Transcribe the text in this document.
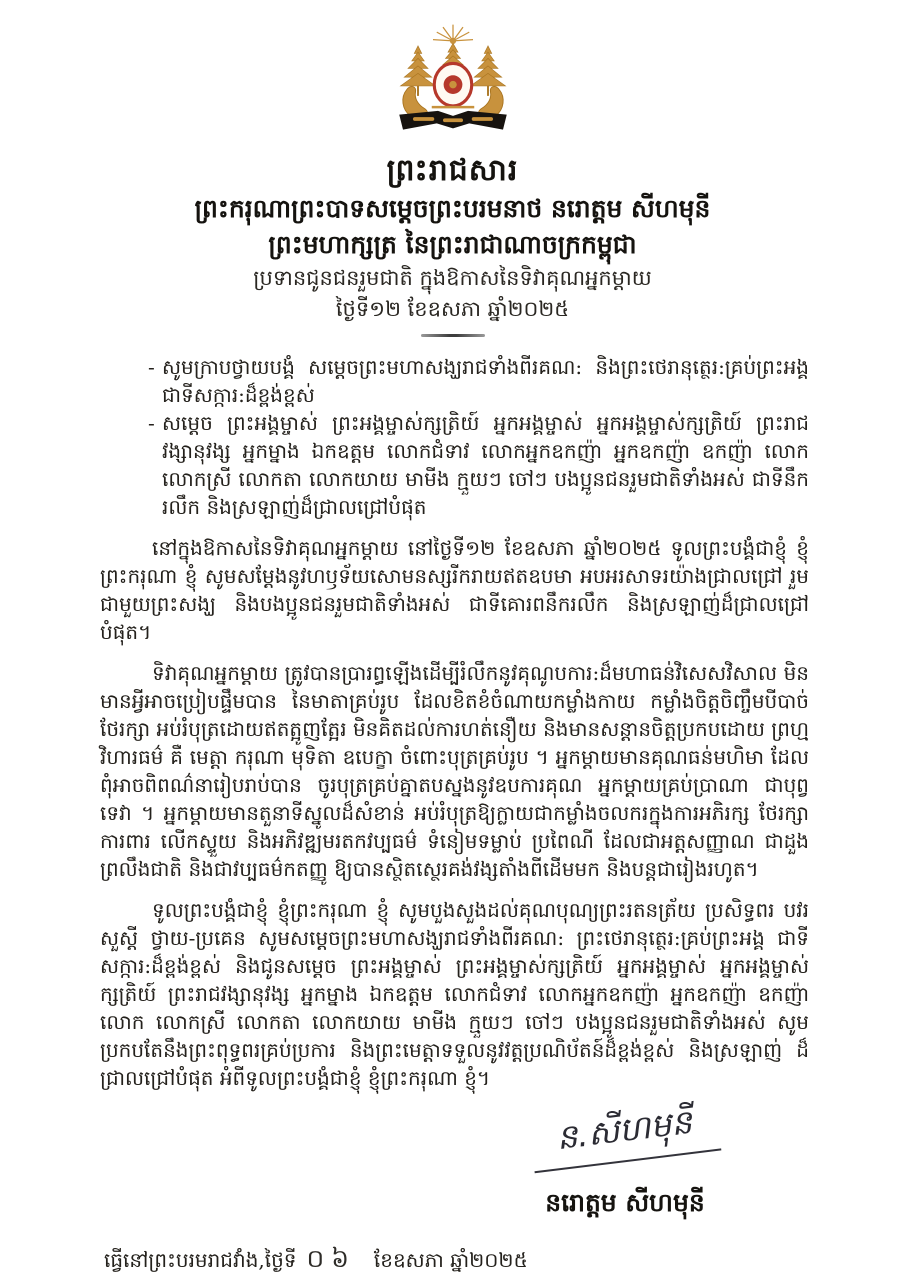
ព្រះរាជសារ
ព្រះករុណាព្រះបាទសម្ដេចព្រះបរមនាថ នរោត្តម សីហមុនី
ព្រះមហាក្សត្រ នៃព្រះរាជាណាចក្រកម្ពុជា
ប្រទានជូនជនរួមជាតិ ក្នុងឱកាសនៃទិវាគុណអ្នកម្ដាយ
ថ្ងៃទី១២ ខែឧសភា ឆ្នាំ២០២៥
- សូមក្រាបថ្វាយបង្គំ សម្ដេចព្រះមហាសង្ឃរាជទាំងពីរគណ: និងព្រះថេរានុត្ថេរ:គ្រប់ព្រះអង្គ ជាទីសក្ការ:ដ៏ខ្ពង់ខ្ពស់
- សម្ដេច ព្រះអង្គម្ចាស់ ព្រះអង្គម្ចាស់ក្សត្រិយ៍ អ្នកអង្គម្ចាស់ អ្នកអង្គម្ចាស់ក្សត្រិយ៍ ព្រះរាជវង្សានុវង្ស អ្នកម្នាង ឯកឧត្តម លោកជំទាវ លោកអ្នកឧកញ៉ា អ្នកឧកញ៉ា ឧកញ៉ា លោក លោកស្រី លោកតា លោកយាយ មាមីង ក្មួយៗ ចៅៗ បងប្អូនជនរួមជាតិទាំងអស់ ជាទីនឹករលឹក និងស្រឡាញ់ដ៏ជ្រាលជ្រៅបំផុត

នៅក្នុងឱកាសនៃទិវាគុណអ្នកម្ដាយ នៅថ្ងៃទី១២ ខែឧសភា ឆ្នាំ២០២៥ ទូលព្រះបង្គំជាខ្ញុំ ខ្ញុំព្រះករុណា ខ្ញុំ សូមសម្ដែងនូវហឫទ័យសោមនស្សរីករាយឥតឧបមា អបអរសាទរយ៉ាងជ្រាលជ្រៅ រួមជាមួយព្រះសង្ឃ និងបងប្អូនជនរួមជាតិទាំងអស់ ជាទីគោរពនឹករលឹក និងស្រឡាញ់ដ៏ជ្រាលជ្រៅបំផុត។

ទិវាគុណអ្នកម្ដាយ ត្រូវបានប្រារព្ធឡើងដើម្បីរំលឹកនូវគុណូបការ:ដ៏មហាធន់វិសេសវិសាល មិនមានអ្វីអាចប្រៀបផ្ទឹមបាន នៃមាតាគ្រប់រូប ដែលខិតខំចំណាយកម្លាំងកាយ កម្លាំងចិត្តចិញ្ចឹមបីបាច់ ថែរក្សា អប់រំបុត្រដោយឥតត្អូញត្អែរ មិនគិតដល់ការហត់នឿយ និងមានសន្ដានចិត្តប្រកបដោយ ព្រហ្មវិហារធម៌ គឺ មេត្តា ករុណា មុទិតា ឧបេក្ខា ចំពោះបុត្រគ្រប់រូប ។ អ្នកម្ដាយមានគុណធន់មហិមា ដែលពុំអាចពិពណ៌នារៀបរាប់បាន ចូរបុត្រគ្រប់គ្នាតបស្នងនូវឧបការគុណ អ្នកម្ដាយគ្រប់ប្រាណា ជាបុព្វទេវា ។ អ្នកម្ដាយមានតួនាទីស្នូលដ៏សំខាន់ អប់រំបុត្រឱ្យក្លាយជាកម្លាំងចលករក្នុងការអភិរក្ស ថែរក្សា ការពារ លើកស្ទួយ និងអភិវឌ្ឍមរតកវប្បធម៌ ទំនៀមទម្លាប់ ប្រពៃណី ដែលជាអត្តសញ្ញាណ ជាដួងព្រលឹងជាតិ និងជាវប្បធម៌កតញ្ញូ ឱ្យបានស្ថិតស្ថេរគង់វង្សតាំងពីដើមមក និងបន្តជារៀងរហូត។

ទូលព្រះបង្គំជាខ្ញុំ ខ្ញុំព្រះករុណា ខ្ញុំ សូមបួងសួងដល់គុណបុណ្យព្រះរតនត្រ័យ ប្រសិទ្ធពរ បវរសួស្ដី ថ្វាយ-ប្រគេន សូមសម្ដេចព្រះមហាសង្ឃរាជទាំងពីរគណ: ព្រះថេរានុត្ថេរ:គ្រប់ព្រះអង្គ ជាទីសក្ការ:ដ៏ខ្ពង់ខ្ពស់ និងជូនសម្ដេច ព្រះអង្គម្ចាស់ ព្រះអង្គម្ចាស់ក្សត្រិយ៍ អ្នកអង្គម្ចាស់ អ្នកអង្គម្ចាស់ក្សត្រិយ៍ ព្រះរាជវង្សានុវង្ស អ្នកម្នាង ឯកឧត្តម លោកជំទាវ លោកអ្នកឧកញ៉ា អ្នកឧកញ៉ា ឧកញ៉ា លោក លោកស្រី លោកតា លោកយាយ មាមីង ក្មួយៗ ចៅៗ បងប្អូនជនរួមជាតិទាំងអស់ សូមប្រកបតែនឹងព្រះពុទ្ធពរគ្រប់ប្រការ និងព្រះមេត្តាទទួលនូវវត្តប្រណិប័តន៍ដ៏ខ្ពង់ខ្ពស់ និងស្រឡាញ់ ដ៏ជ្រាលជ្រៅបំផុត អំពីទូលព្រះបង្គំជាខ្ញុំ ខ្ញុំព្រះករុណា ខ្ញុំ។

ន.សីហមុនី
នរោត្តម សីហមុនី
ធ្វើនៅព្រះបរមរាជវាំង,ថ្ងៃទី ០៦ ខែឧសភា ឆ្នាំ២០២៥
